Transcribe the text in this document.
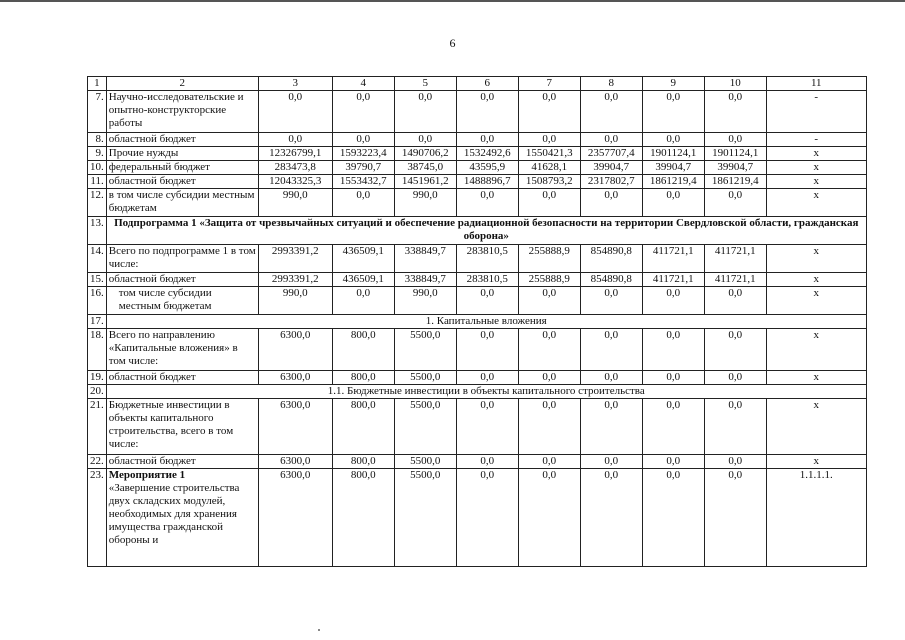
6
1	2	3	4	5	6	7	8	9	10	11
7.	Научно-исследовательские и опытно-конструкторские работы	0,0	0,0	0,0	0,0	0,0	0,0	0,0	0,0	-
8.	областной бюджет	0,0	0,0	0,0	0,0	0,0	0,0	0,0	0,0	-
9.	Прочие нужды	12326799,1	1593223,4	1490706,2	1532492,6	1550421,3	2357707,4	1901124,1	1901124,1	х
10.	федеральный бюджет	283473,8	39790,7	38745,0	43595,9	41628,1	39904,7	39904,7	39904,7	х
11.	областной бюджет	12043325,3	1553432,7	1451961,2	1488896,7	1508793,2	2317802,7	1861219,4	1861219,4	х
12.	в том числе субсидии местным бюджетам	990,0	0,0	990,0	0,0	0,0	0,0	0,0	0,0	х
13.	Подпрограмма 1 «Защита от чрезвычайных ситуаций и обеспечение радиационной безопасности на территории Свердловской области, гражданская оборона»									
14.	Всего по подпрограмме 1 в том числе:	2993391,2	436509,1	338849,7	283810,5	255888,9	854890,8	411721,1	411721,1	х
15.	областной бюджет	2993391,2	436509,1	338849,7	283810,5	255888,9	854890,8	411721,1	411721,1	х
16.	том числе субсидии местным бюджетам	990,0	0,0	990,0	0,0	0,0	0,0	0,0	0,0	х
17.	1. Капитальные вложения									
18.	Всего по направлению «Капитальные вложения» в том числе:	6300,0	800,0	5500,0	0,0	0,0	0,0	0,0	0,0	х
19.	областной бюджет	6300,0	800,0	5500,0	0,0	0,0	0,0	0,0	0,0	х
20.	1.1. Бюджетные инвестиции в объекты капитального строительства									
21.	Бюджетные инвестиции в объекты капитального строительства, всего в том числе:	6300,0	800,0	5500,0	0,0	0,0	0,0	0,0	0,0	х
22.	областной бюджет	6300,0	800,0	5500,0	0,0	0,0	0,0	0,0	0,0	х
23.	Мероприятие 1
«Завершение строительства двух складских модулей, необходимых для хранения имущества гражданской обороны и	6300,0	800,0	5500,0	0,0	0,0	0,0	0,0	0,0	1.1.1.1.
